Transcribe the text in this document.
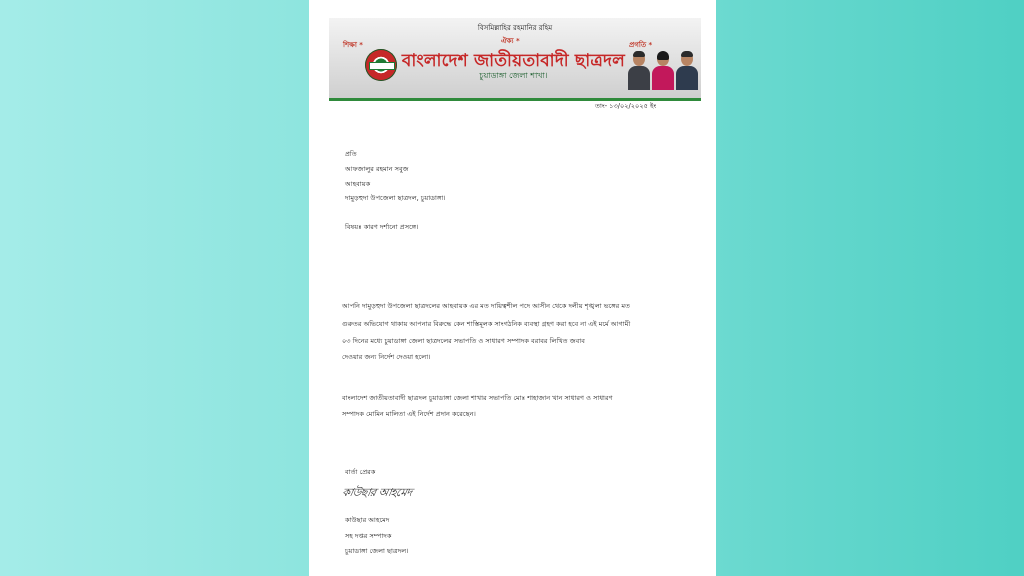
বিসমিল্লাহির রহমানির রহিম
শিক্ষা *	ঐক্য *	প্রগতি *
বাংলাদেশ জাতীয়তাবাদী ছাত্রদল
চুয়াডাঙ্গা জেলা শাখা।
তাং- ১৩/০২/২০২৫ ইং
প্রতি
আফজালুর রহমান সবুজ
আহবায়ক
দামুড়হুদা উপজেলা ছাত্রদল, চুয়াডাঙ্গা।
বিষয়ঃ কারণ দর্শানো প্রসঙ্গে।
আপনি দামুড়হুদা উপজেলা ছাত্রদলের আহবায়ক এর মত দায়িত্বশীল পদে আসীন থেকে দলীয় শৃঙ্খলা ভঙ্গের মত
গুরুতর অভিযোগ থাকায় আপনার বিরুদ্ধে কেন শাস্তিমূলক সাংগঠনিক ব্যবস্থা গ্রহণ করা হবে না এই মর্মে আগামী
০৩ দিনের মধ্যে চুয়াডাঙ্গা জেলা ছাত্রদলের সভাপতি ও সাধারণ সম্পাদক বরাবর লিখিত জবাব
দেওয়ার জন্য নির্দেশ দেওয়া হলো।
বাংলাদেশ জাতীয়তাবাদী ছাত্রদল চুয়াডাঙ্গা জেলা শাখার সভাপতি মোঃ শাহাজান খান সাধারণ ও সাধারণ
সম্পাদক মোমিন মালিতা এই নির্দেশ প্রদান করেছেন।
বার্তা প্রেরক
কাউছার আহমেদ
কাউছার আহমেদ
সহ দপ্তর সম্পাদক
চুয়াডাঙ্গা জেলা ছাত্রদল।
